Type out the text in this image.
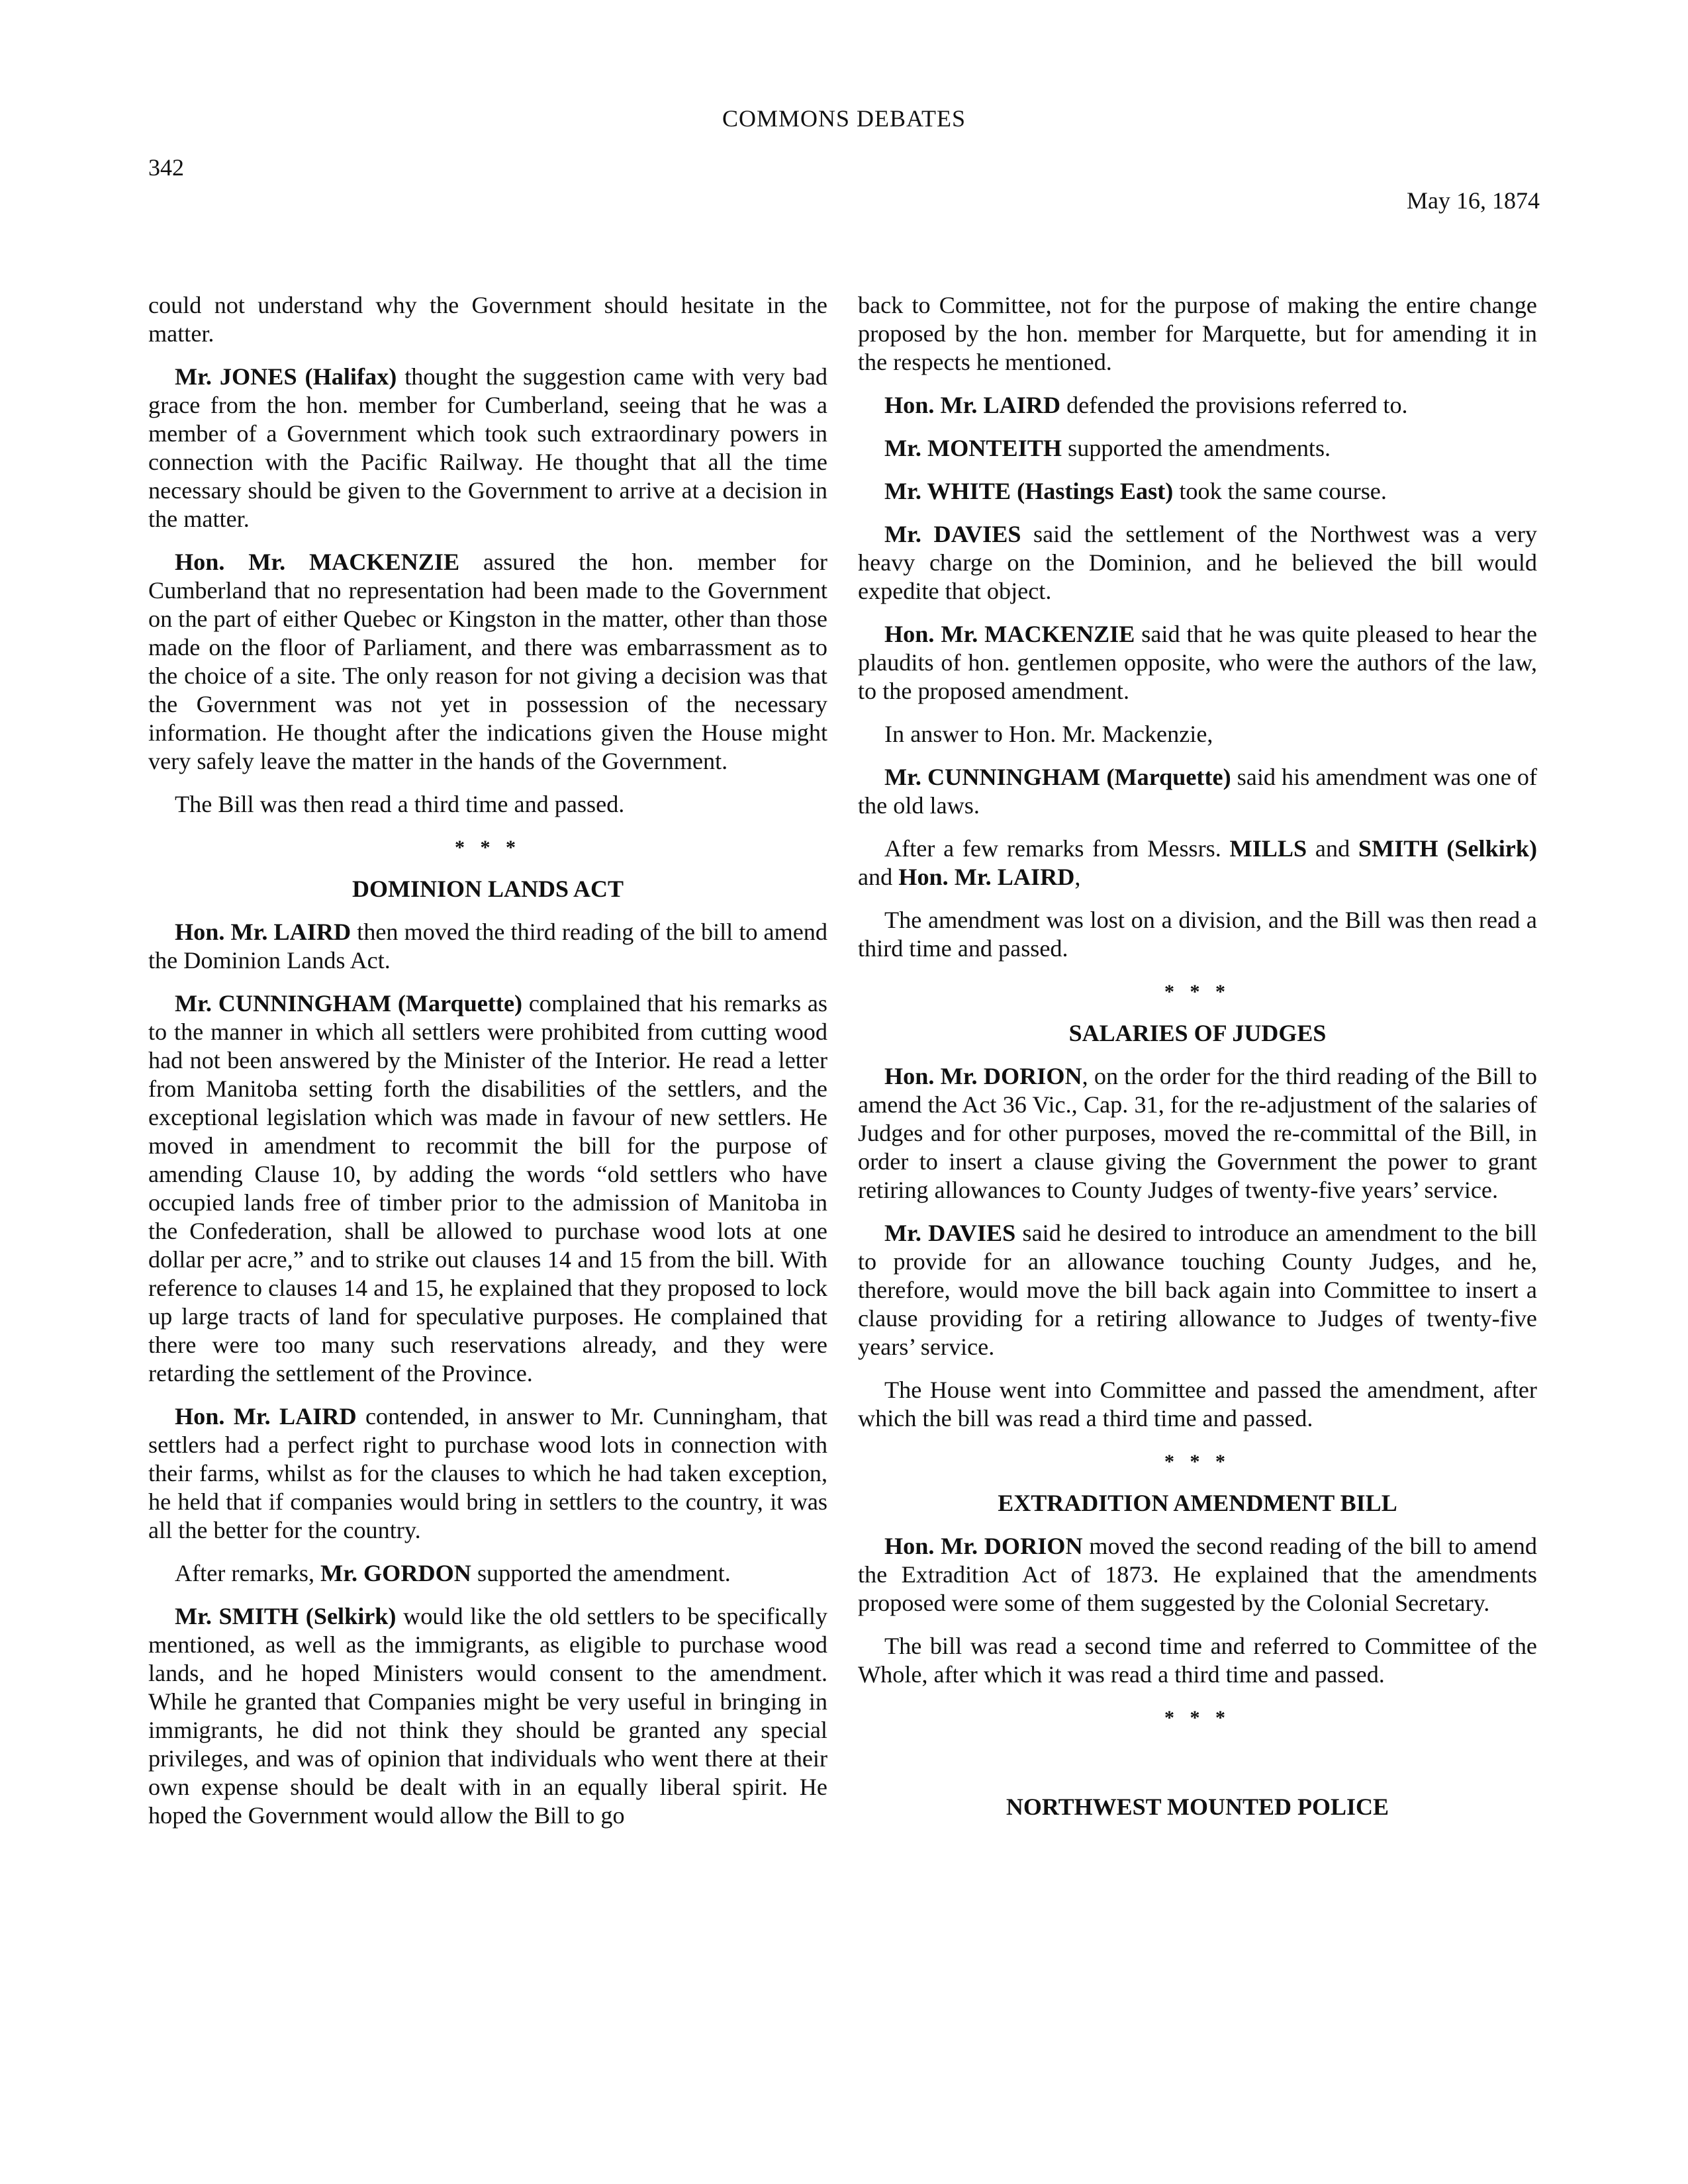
COMMONS DEBATES
342
May 16, 1874

could not understand why the Government should hesitate in the matter.

Mr. JONES (Halifax) thought the suggestion came with very bad grace from the hon. member for Cumberland, seeing that he was a member of a Government which took such extraordinary powers in connection with the Pacific Railway. He thought that all the time necessary should be given to the Government to arrive at a decision in the matter.

Hon. Mr. MACKENZIE assured the hon. member for Cumberland that no representation had been made to the Government on the part of either Quebec or Kingston in the matter, other than those made on the floor of Parliament, and there was embarrassment as to the choice of a site. The only reason for not giving a decision was that the Government was not yet in possession of the necessary information. He thought after the indications given the House might very safely leave the matter in the hands of the Government.

The Bill was then read a third time and passed.

* * *
DOMINION LANDS ACT

Hon. Mr. LAIRD then moved the third reading of the bill to amend the Dominion Lands Act.

Mr. CUNNINGHAM (Marquette) complained that his remarks as to the manner in which all settlers were prohibited from cutting wood had not been answered by the Minister of the Interior. He read a letter from Manitoba setting forth the disabilities of the settlers, and the exceptional legislation which was made in favour of new settlers. He moved in amendment to recommit the bill for the purpose of amending Clause 10, by adding the words “old settlers who have occupied lands free of timber prior to the admission of Manitoba in the Confederation, shall be allowed to purchase wood lots at one dollar per acre,” and to strike out clauses 14 and 15 from the bill. With reference to clauses 14 and 15, he explained that they proposed to lock up large tracts of land for speculative purposes. He complained that there were too many such reservations already, and they were retarding the settlement of the Province.

Hon. Mr. LAIRD contended, in answer to Mr. Cunningham, that settlers had a perfect right to purchase wood lots in connection with their farms, whilst as for the clauses to which he had taken exception, he held that if companies would bring in settlers to the country, it was all the better for the country.

After remarks, Mr. GORDON supported the amendment.

Mr. SMITH (Selkirk) would like the old settlers to be specifically mentioned, as well as the immigrants, as eligible to purchase wood lands, and he hoped Ministers would consent to the amendment. While he granted that Companies might be very useful in bringing in immigrants, he did not think they should be granted any special privileges, and was of opinion that individuals who went there at their own expense should be dealt with in an equally liberal spirit. He hoped the Government would allow the Bill to go

back to Committee, not for the purpose of making the entire change proposed by the hon. member for Marquette, but for amending it in the respects he mentioned.

Hon. Mr. LAIRD defended the provisions referred to.

Mr. MONTEITH supported the amendments.

Mr. WHITE (Hastings East) took the same course.

Mr. DAVIES said the settlement of the Northwest was a very heavy charge on the Dominion, and he believed the bill would expedite that object.

Hon. Mr. MACKENZIE said that he was quite pleased to hear the plaudits of hon. gentlemen opposite, who were the authors of the law, to the proposed amendment.

In answer to Hon. Mr. Mackenzie,

Mr. CUNNINGHAM (Marquette) said his amendment was one of the old laws.

After a few remarks from Messrs. MILLS and SMITH (Selkirk) and Hon. Mr. LAIRD,

The amendment was lost on a division, and the Bill was then read a third time and passed.

* * *
SALARIES OF JUDGES

Hon. Mr. DORION, on the order for the third reading of the Bill to amend the Act 36 Vic., Cap. 31, for the re-adjustment of the salaries of Judges and for other purposes, moved the re-committal of the Bill, in order to insert a clause giving the Government the power to grant retiring allowances to County Judges of twenty-five years’ service.

Mr. DAVIES said he desired to introduce an amendment to the bill to provide for an allowance touching County Judges, and he, therefore, would move the bill back again into Committee to insert a clause providing for a retiring allowance to Judges of twenty-five years’ service.

The House went into Committee and passed the amendment, after which the bill was read a third time and passed.

* * *
EXTRADITION AMENDMENT BILL

Hon. Mr. DORION moved the second reading of the bill to amend the Extradition Act of 1873. He explained that the amendments proposed were some of them suggested by the Colonial Secretary.

The bill was read a second time and referred to Committee of the Whole, after which it was read a third time and passed.

* * *
NORTHWEST MOUNTED POLICE
